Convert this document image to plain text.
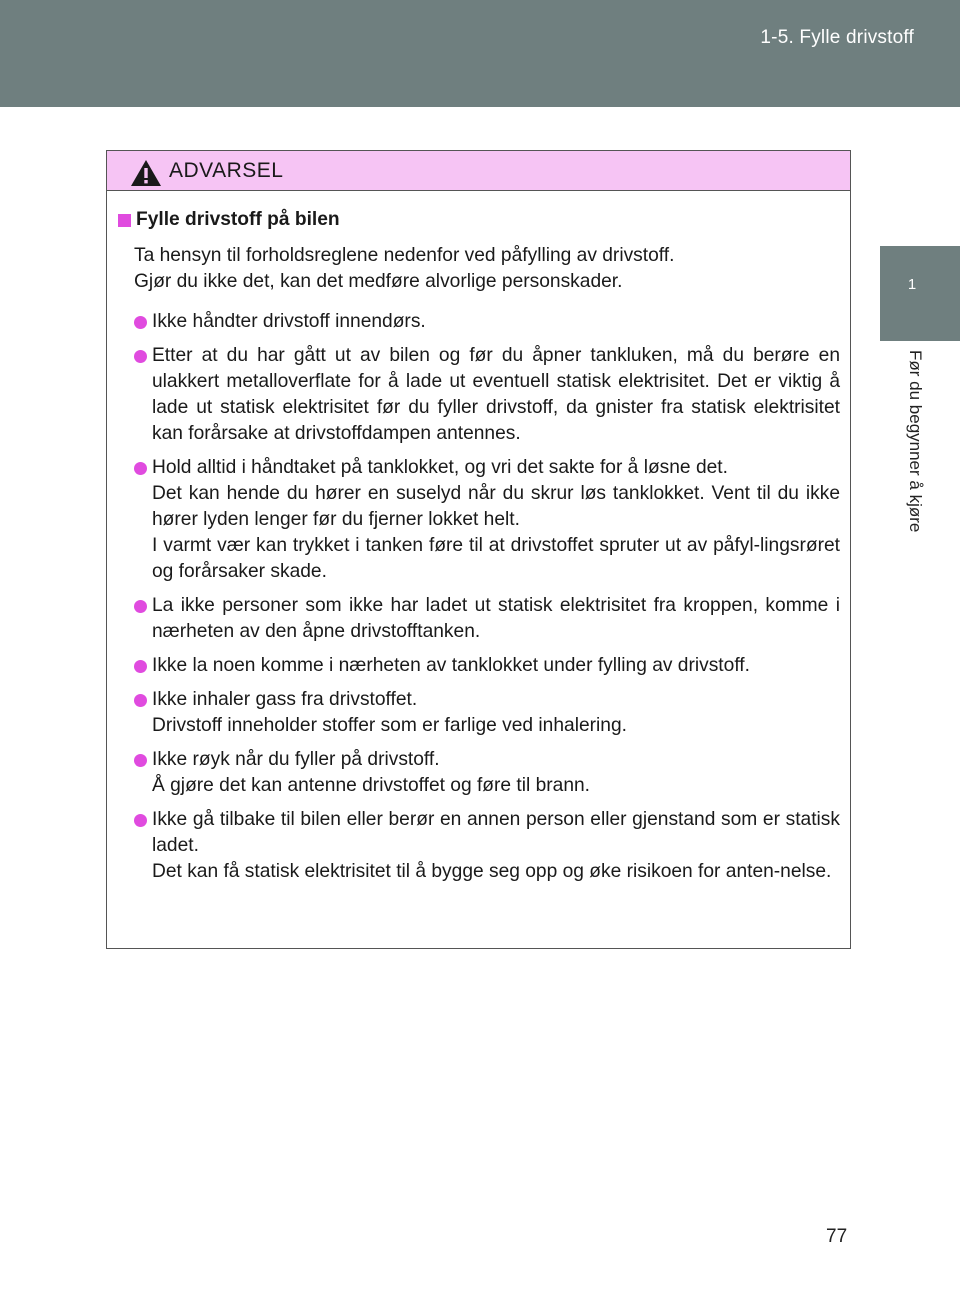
1-5. Fylle drivstoff
1
Før du begynner å kjøre
ADVARSEL
Fylle drivstoff på bilen

Ta hensyn til forholdsreglene nedenfor ved påfylling av drivstoff.

Gjør du ikke det, kan det medføre alvorlige personskader.

Ikke håndter drivstoff innendørs.

Etter at du har gått ut av bilen og før du åpner tankluken, må du berøre en ulakkert metalloverflate for å lade ut eventuell statisk elektrisitet. Det er viktig å lade ut statisk elektrisitet før du fyller drivstoff, da gnister fra statisk elektrisitet kan forårsake at drivstoffdampen antennes.

Hold alltid i håndtaket på tanklokket, og vri det sakte for å løsne det.

Det kan hende du hører en suselyd når du skrur løs tanklokket. Vent til du ikke hører lyden lenger før du fjerner lokket helt.

I varmt vær kan trykket i tanken føre til at drivstoffet spruter ut av påfyl-lingsrøret og forårsaker skade.

La ikke personer som ikke har ladet ut statisk elektrisitet fra kroppen, komme i nærheten av den åpne drivstofftanken.

Ikke la noen komme i nærheten av tanklokket under fylling av drivstoff.

Ikke inhaler gass fra drivstoffet.

Drivstoff inneholder stoffer som er farlige ved inhalering.

Ikke røyk når du fyller på drivstoff.

Å gjøre det kan antenne drivstoffet og føre til brann.

Ikke gå tilbake til bilen eller berør en annen person eller gjenstand som er statisk ladet.

Det kan få statisk elektrisitet til å bygge seg opp og øke risikoen for anten-nelse.

77
